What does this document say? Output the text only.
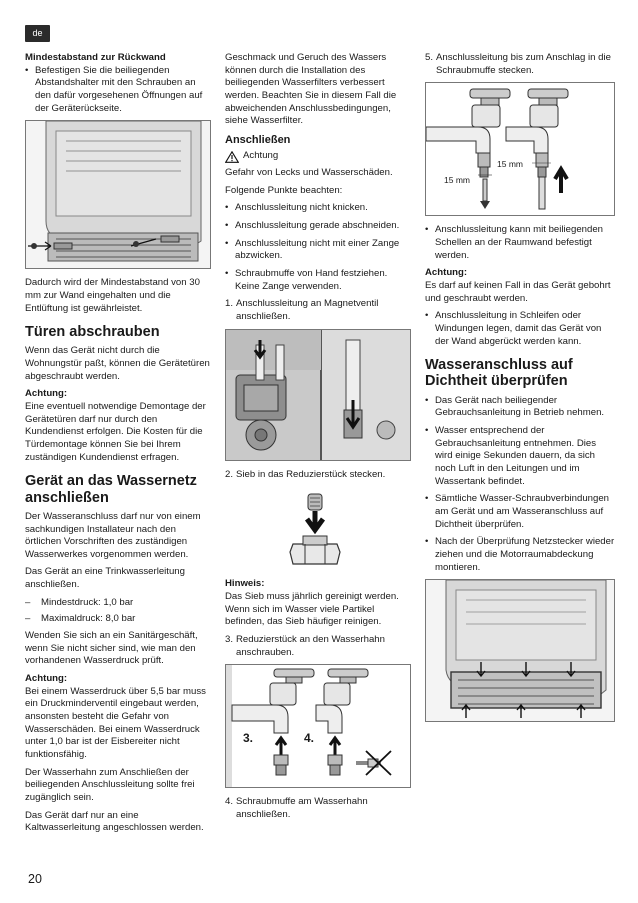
de
Mindestabstand zur Rückwand
• Befestigen Sie die beiliegenden Abstandshalter mit den Schrauben an den dafür vorgesehenen Öffnungen auf der Geräterückseite.

Dadurch wird der Mindestabstand von 30 mm zur Wand eingehalten und die Entlüftung ist gewährleistet.

Türen abschrauben

Wenn das Gerät nicht durch die Wohnungstür paßt, können die Gerätetüren abgeschraubt werden.

Achtung:

Eine eventuell notwendige Demontage der Gerätetüren darf nur durch den Kundendienst erfolgen. Die Kosten für die Türdemontage können Sie bei Ihrem zuständigen Kundendienst erfragen.

Gerät an das Wassernetz anschließen

Der Wasseranschluss darf nur von einem sachkundigen Installateur nach den örtlichen Vorschriften des zuständigen Wasserwerkes vorgenommen werden.

Das Gerät an eine Trinkwasserleitung anschließen.

– Mindestdruck: 1,0 bar
– Maximaldruck: 8,0 bar

Wenden Sie sich an ein Sanitärgeschäft, wenn Sie nicht sicher sind, wie man den vorhandenen Wasserdruck prüft.

Achtung:

Bei einem Wasserdruck über 5,5 bar muss ein Druckminderventil eingebaut werden, ansonsten besteht die Gefahr von Wasserschäden. Bei einem Wasserdruck unter 1,0 bar ist der Eisbereiter nicht funktionsfähig.

Der Wasserhahn zum Anschließen der beiliegenden Anschlussleitung sollte frei zugänglich sein.

Das Gerät darf nur an eine Kaltwasserleitung angeschlossen werden.

Geschmack und Geruch des Wassers können durch die Installation des beiliegenden Wasserfilters verbessert werden. Beachten Sie in diesem Fall die abweichenden Anschlussbedingungen, siehe Wasserfilter.

Anschließen
Achtung

Gefahr von Lecks und Wasserschäden.

Folgende Punkte beachten:

• Anschlussleitung nicht knicken.
• Anschlussleitung gerade abschneiden.
• Anschlussleitung nicht mit einer Zange abzwicken.
• Schraubmuffe von Hand festziehen. Keine Zange verwenden.
1. Anschlussleitung an Magnetventil anschließen.
2. Sieb in das Reduzierstück stecken.
Hinweis:

Das Sieb muss jährlich gereinigt werden. Wenn sich im Wasser viele Partikel befinden, das Sieb häufiger reinigen.

3. Reduzierstück an den Wasserhahn anschrauben.
3.	4.
4. Schraubmuffe am Wasserhahn anschließen.
5. Anschlussleitung bis zum Anschlag in die Schraubmuffe stecken.
15 mm
15 mm
• Anschlussleitung kann mit beiliegenden Schellen an der Raumwand befestigt werden.
Achtung:

Es darf auf keinen Fall in das Gerät gebohrt und geschraubt werden.

• Anschlussleitung in Schleifen oder Windungen legen, damit das Gerät von der Wand abgerückt werden kann.
Wasseranschluss auf Dichtheit überprüfen
• Das Gerät nach beiliegender Gebrauchsanleitung in Betrieb nehmen.
• Wasser entsprechend der Gebrauchsanleitung entnehmen. Dies wird einige Sekunden dauern, da sich noch Luft in den Leitungen und im Wassertank befindet.
• Sämtliche Wasser-Schraubverbindungen am Gerät und am Wasseranschluss auf Dichtheit überprüfen.
• Nach der Überprüfung Netzstecker wieder ziehen und die Motorraumabdeckung montieren.
20
